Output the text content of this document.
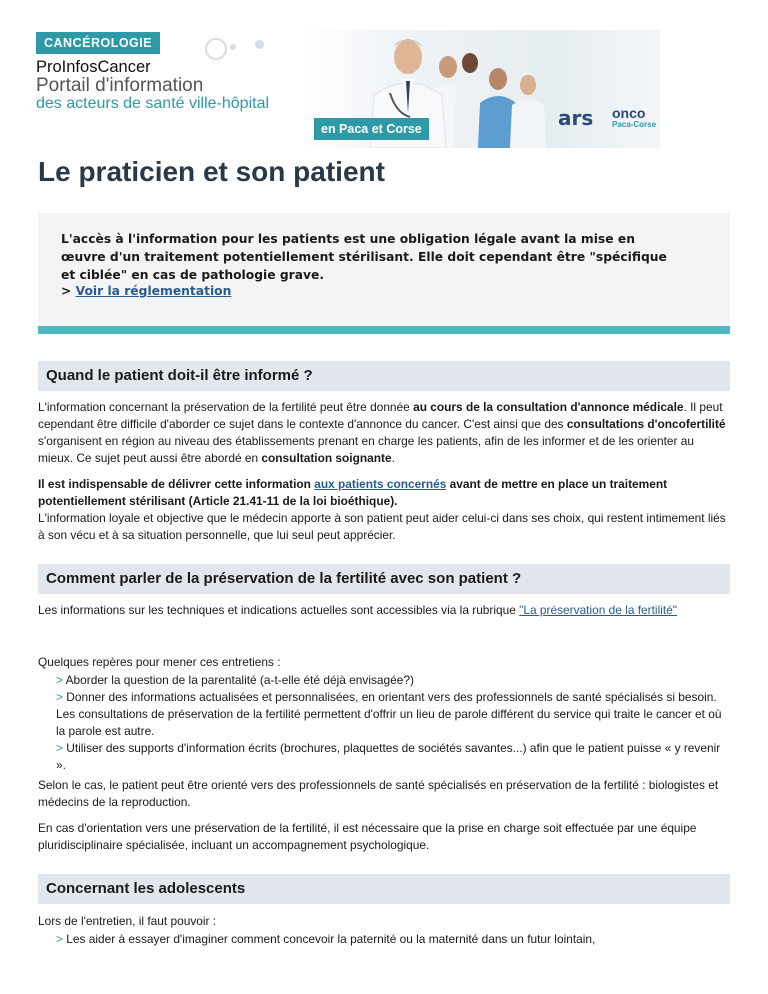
CANCÉROLOGIE
ProInfosCancer
Portail d'information
des acteurs de santé ville-hôpital
en Paca et Corse	ars	onco
Paca-Corse
Le praticien et son patient
L'accès à l'information pour les patients est une obligation légale avant la mise en œuvre d'un traitement potentiellement stérilisant. Elle doit cependant être "spécifique et ciblée" en cas de pathologie grave.
> Voir la réglementation
Quand le patient doit-il être informé ?

L'information concernant la préservation de la fertilité peut être donnée au cours de la consultation d'annonce médicale. Il peut cependant être difficile d'aborder ce sujet dans le contexte d'annonce du cancer. C'est ainsi que des consultations d'oncofertilité s'organisent en région au niveau des établissements prenant en charge les patients, afin de les informer et de les orienter au mieux. Ce sujet peut aussi être abordé en consultation soignante.

Il est indispensable de délivrer cette information aux patients concernés avant de mettre en place un traitement potentiellement stérilisant (Article 21.41-11 de la loi bioéthique).

L'information loyale et objective que le médecin apporte à son patient peut aider celui-ci dans ses choix, qui restent intimement liés à son vécu et à sa situation personnelle, que lui seul peut apprécier.

Comment parler de la préservation de la fertilité avec son patient ?

Les informations sur les techniques et indications actuelles sont accessibles via la rubrique "La préservation de la fertilité"

Quelques repères pour mener ces entretiens :

> Aborder la question de la parentalité (a-t-elle été déjà envisagée?)

> Donner des informations actualisées et personnalisées, en orientant vers des professionnels de santé spécialisés si besoin. Les consultations de préservation de la fertilité permettent d'offrir un lieu de parole différent du service qui traite le cancer et où la parole est autre.

> Utiliser des supports d'information écrits (brochures, plaquettes de sociétés savantes...) afin que le patient puisse « y revenir ».

Selon le cas, le patient peut être orienté vers des professionnels de santé spécialisés en préservation de la fertilité : biologistes et médecins de la reproduction.

En cas d'orientation vers une préservation de la fertilité, il est nécessaire que la prise en charge soit effectuée par une équipe pluridisciplinaire spécialisée, incluant un accompagnement psychologique.

Concernant les adolescents

Lors de l'entretien, il faut pouvoir :

> Les aider à essayer d'imaginer comment concevoir la paternité ou la maternité dans un futur lointain,
